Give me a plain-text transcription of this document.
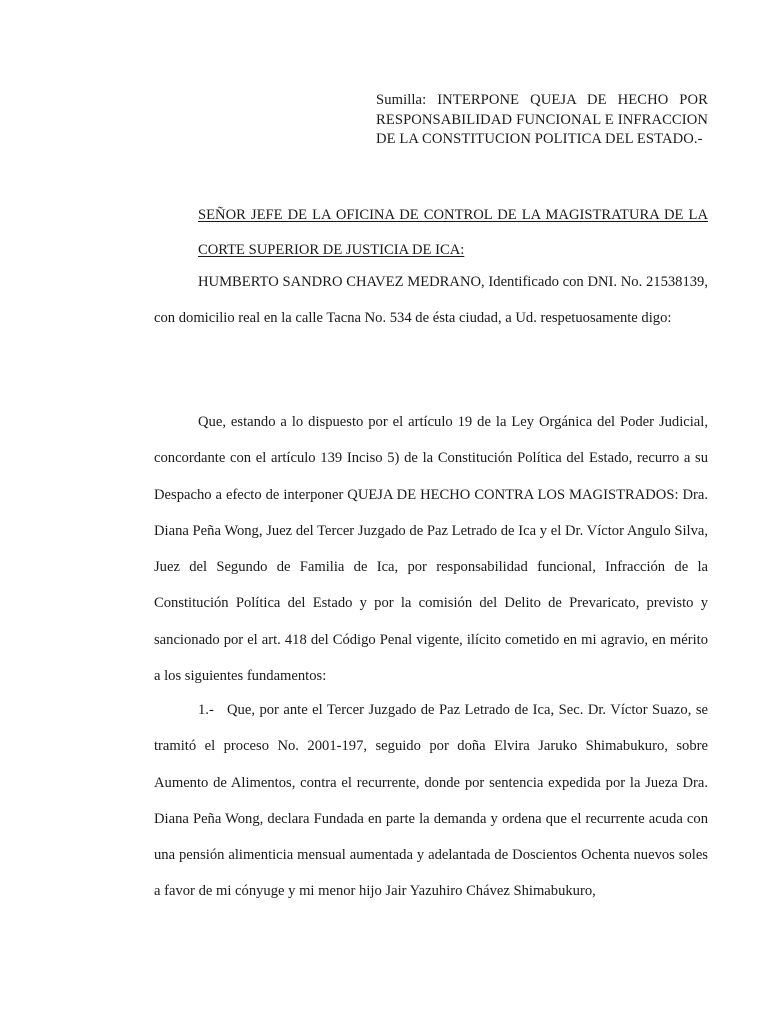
Sumilla: INTERPONE QUEJA DE HECHO POR RESPONSABILIDAD FUNCIONAL E INFRACCION DE LA CONSTITUCION POLITICA DEL ESTADO.-
SEÑOR JEFE DE LA OFICINA DE CONTROL DE LA MAGISTRATURA DE LA CORTE SUPERIOR DE JUSTICIA DE ICA:

HUMBERTO SANDRO CHAVEZ MEDRANO, Identificado con DNI. No. 21538139, con domicilio real en la calle Tacna No. 534 de ésta ciudad, a Ud. respetuosamente digo:

Que, estando a lo dispuesto por el artículo 19 de la Ley Orgánica del Poder Judicial, concordante con el artículo 139 Inciso 5) de la Constitución Política del Estado, recurro a su Despacho a efecto de interponer QUEJA DE HECHO CONTRA LOS MAGISTRADOS: Dra. Diana Peña Wong, Juez del Tercer Juzgado de Paz Letrado de Ica y el Dr. Víctor Angulo Silva, Juez del Segundo de Familia de Ica, por responsabilidad funcional, Infracción de la Constitución Política del Estado y por la comisión del Delito de Prevaricato, previsto y sancionado por el art. 418 del Código Penal vigente, ilícito cometido en mi agravio, en mérito a los siguientes fundamentos:

1.- Que, por ante el Tercer Juzgado de Paz Letrado de Ica, Sec. Dr. Víctor Suazo, se tramitó el proceso No. 2001-197, seguido por doña Elvira Jaruko Shimabukuro, sobre Aumento de Alimentos, contra el recurrente, donde por sentencia expedida por la Jueza Dra. Diana Peña Wong, declara Fundada en parte la demanda y ordena que el recurrente acuda con una pensión alimenticia mensual aumentada y adelantada de Doscientos Ochenta nuevos soles a favor de mi cónyuge y mi menor hijo Jair Yazuhiro Chávez Shimabukuro,
